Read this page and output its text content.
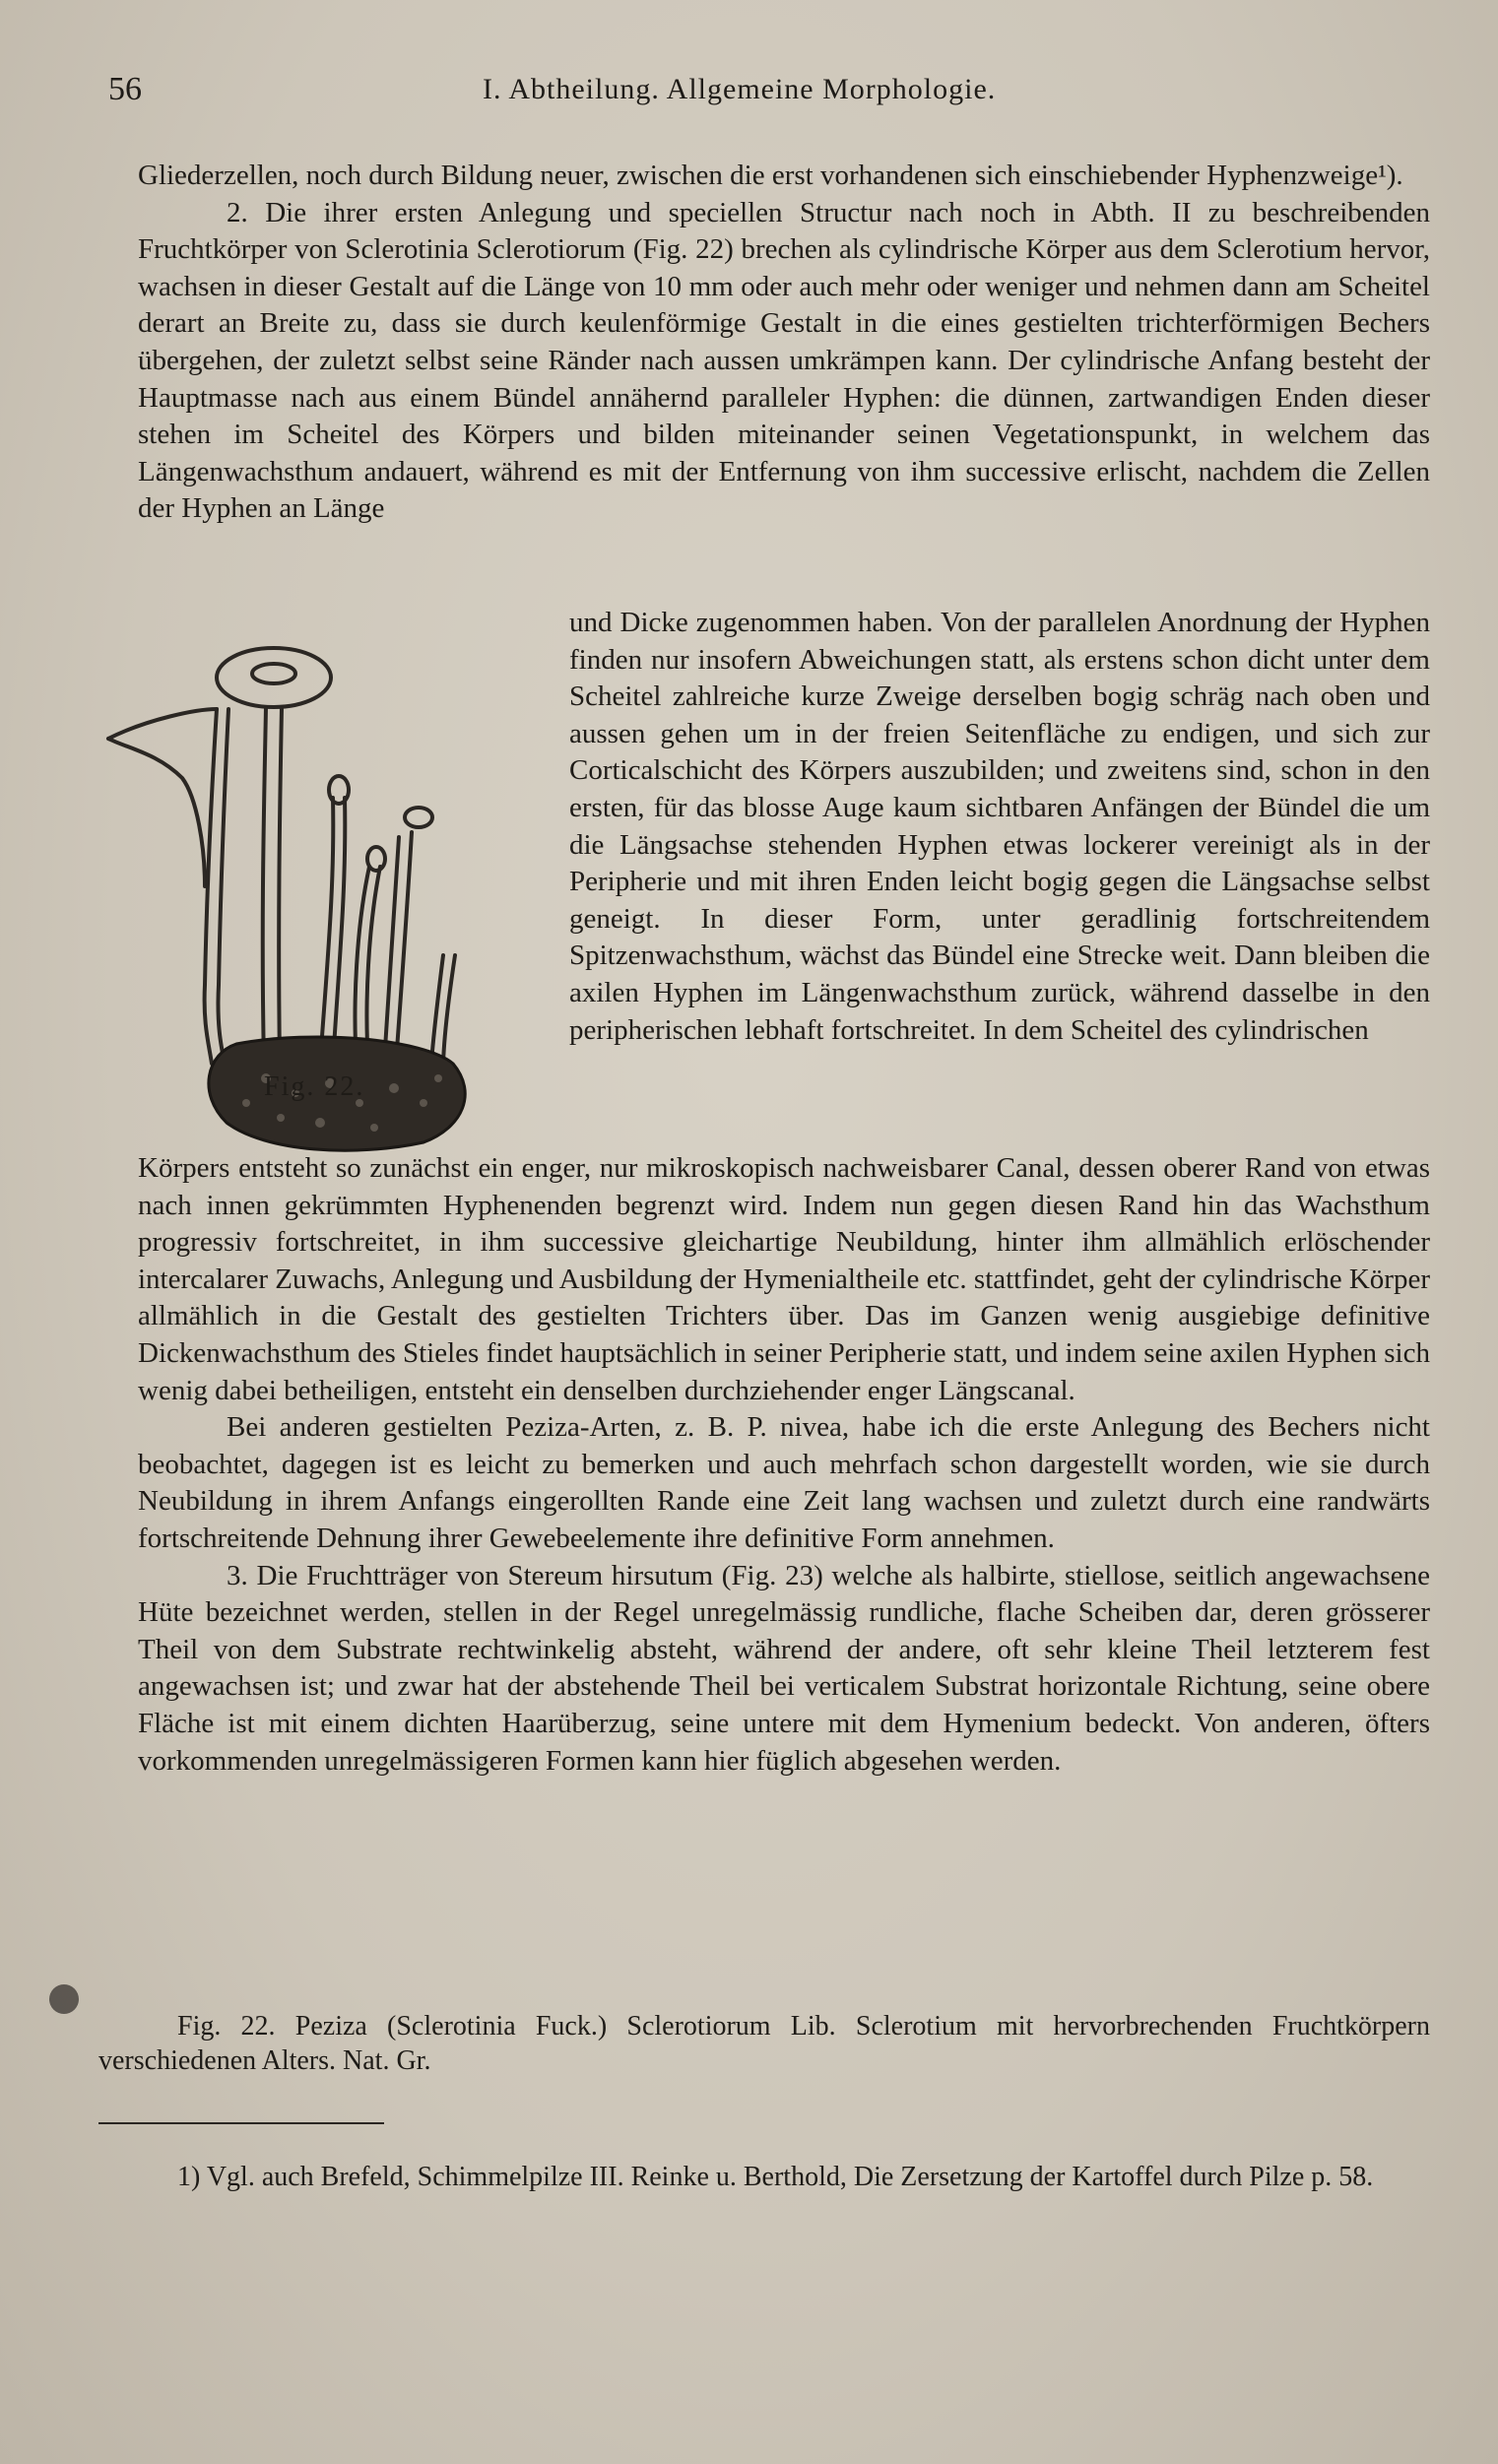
56	I. Abtheilung. Allgemeine Morphologie.

Gliederzellen, noch durch Bildung neuer, zwischen die erst vorhandenen sich einschiebender Hyphenzweige¹).

2. Die ihrer ersten Anlegung und speciellen Structur nach noch in Abth. II zu beschreibenden Fruchtkörper von Sclerotinia Sclerotiorum (Fig. 22) brechen als cylindrische Körper aus dem Sclerotium hervor, wachsen in dieser Gestalt auf die Länge von 10 mm oder auch mehr oder weniger und nehmen dann am Scheitel derart an Breite zu, dass sie durch keulenförmige Gestalt in die eines gestielten trichterförmigen Bechers übergehen, der zuletzt selbst seine Ränder nach aussen umkrämpen kann. Der cylindrische Anfang besteht der Hauptmasse nach aus einem Bündel annähernd paralleler Hyphen: die dünnen, zartwandigen Enden dieser stehen im Scheitel des Körpers und bilden miteinander seinen Vegetationspunkt, in welchem das Längenwachsthum andauert, während es mit der Entfernung von ihm successive erlischt, nachdem die Zellen der Hyphen an Länge

Fig. 22.
und Dicke zugenommen haben. Von der parallelen Anordnung der Hyphen finden nur insofern Abweichungen statt, als erstens schon dicht unter dem Scheitel zahlreiche kurze Zweige derselben bogig schräg nach oben und aussen gehen um in der freien Seitenfläche zu endigen, und sich zur Corticalschicht des Körpers auszubilden; und zweitens sind, schon in den ersten, für das blosse Auge kaum sichtbaren Anfängen der Bündel die um die Längsachse stehenden Hyphen etwas lockerer vereinigt als in der Peripherie und mit ihren Enden leicht bogig gegen die Längsachse selbst geneigt. In dieser Form, unter geradlinig fortschreitendem Spitzenwachsthum, wächst das Bündel eine Strecke weit. Dann bleiben die axilen Hyphen im Längenwachsthum zurück, während dasselbe in den peripherischen lebhaft fortschreitet. In dem Scheitel des cylindrischen

Körpers entsteht so zunächst ein enger, nur mikroskopisch nachweisbarer Canal, dessen oberer Rand von etwas nach innen gekrümmten Hyphenenden begrenzt wird. Indem nun gegen diesen Rand hin das Wachsthum progressiv fortschreitet, in ihm successive gleichartige Neubildung, hinter ihm allmählich erlöschender intercalarer Zuwachs, Anlegung und Ausbildung der Hymenialtheile etc. stattfindet, geht der cylindrische Körper allmählich in die Gestalt des gestielten Trichters über. Das im Ganzen wenig ausgiebige definitive Dickenwachsthum des Stieles findet hauptsächlich in seiner Peripherie statt, und indem seine axilen Hyphen sich wenig dabei betheiligen, entsteht ein denselben durchziehender enger Längscanal.

Bei anderen gestielten Peziza-Arten, z. B. P. nivea, habe ich die erste Anlegung des Bechers nicht beobachtet, dagegen ist es leicht zu bemerken und auch mehrfach schon dargestellt worden, wie sie durch Neubildung in ihrem Anfangs eingerollten Rande eine Zeit lang wachsen und zuletzt durch eine randwärts fortschreitende Dehnung ihrer Gewebeelemente ihre definitive Form annehmen.

3. Die Fruchtträger von Stereum hirsutum (Fig. 23) welche als halbirte, stiellose, seitlich angewachsene Hüte bezeichnet werden, stellen in der Regel unregelmässig rundliche, flache Scheiben dar, deren grösserer Theil von dem Substrate rechtwinkelig absteht, während der andere, oft sehr kleine Theil letzterem fest angewachsen ist; und zwar hat der abstehende Theil bei verticalem Substrat horizontale Richtung, seine obere Fläche ist mit einem dichten Haarüberzug, seine untere mit dem Hymenium bedeckt. Von anderen, öfters vorkommenden unregelmässigeren Formen kann hier füglich abgesehen werden.

Fig. 22. Peziza (Sclerotinia Fuck.) Sclerotiorum Lib. Sclerotium mit hervorbrechenden Fruchtkörpern verschiedenen Alters. Nat. Gr.
1) Vgl. auch Brefeld, Schimmelpilze III. Reinke u. Berthold, Die Zersetzung der Kartoffel durch Pilze p. 58.
